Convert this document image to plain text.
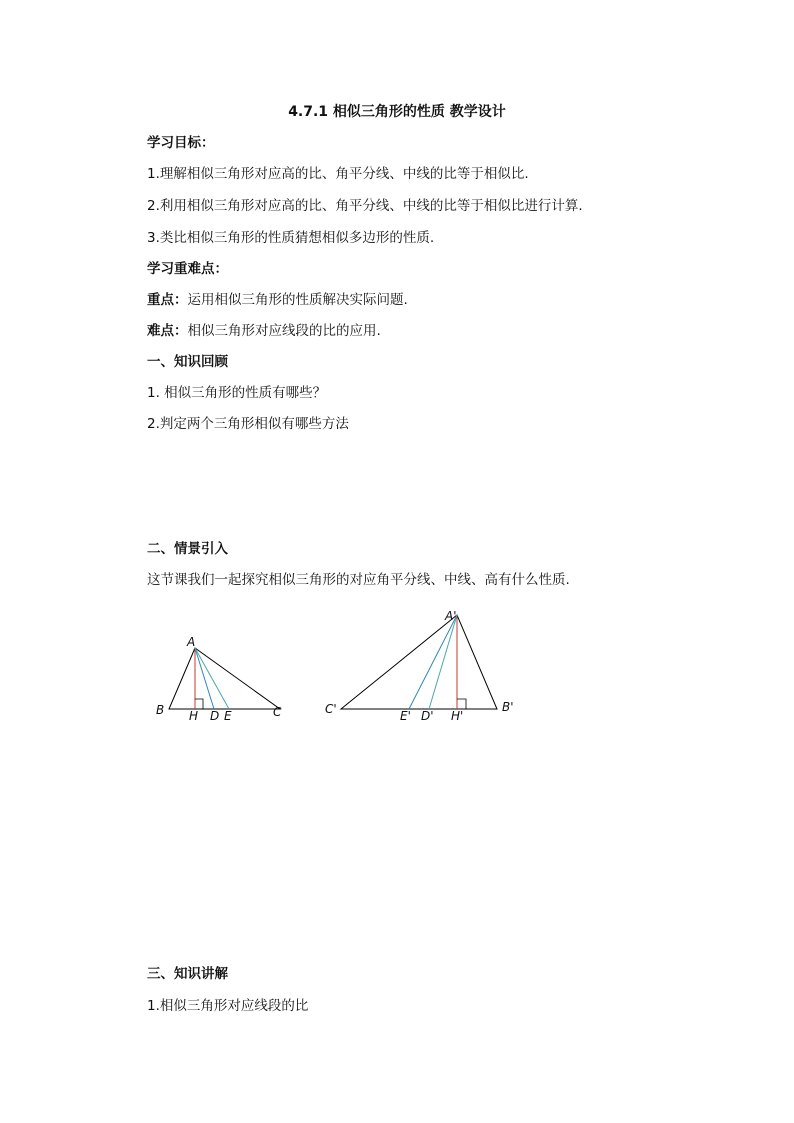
4.7.1 相似三角形的性质 教学设计
学习目标：
1.理解相似三角形对应高的比、角平分线、中线的比等于相似比.
2.利用相似三角形对应高的比、角平分线、中线的比等于相似比进行计算.
3.类比相似三角形的性质猜想相似多边形的性质.
学习重难点：
重点：运用相似三角形的性质解决实际问题.
难点：相似三角形对应线段的比的应用.
一、知识回顾
1. 相似三角形的性质有哪些？
2.判定两个三角形相似有哪些方法
二、情景引入
这节课我们一起探究相似三角形的对应角平分线、中线、高有什么性质.
A
B H D E	C
A'
C'	E' D' H'
B'
三、知识讲解
1.相似三角形对应线段的比
